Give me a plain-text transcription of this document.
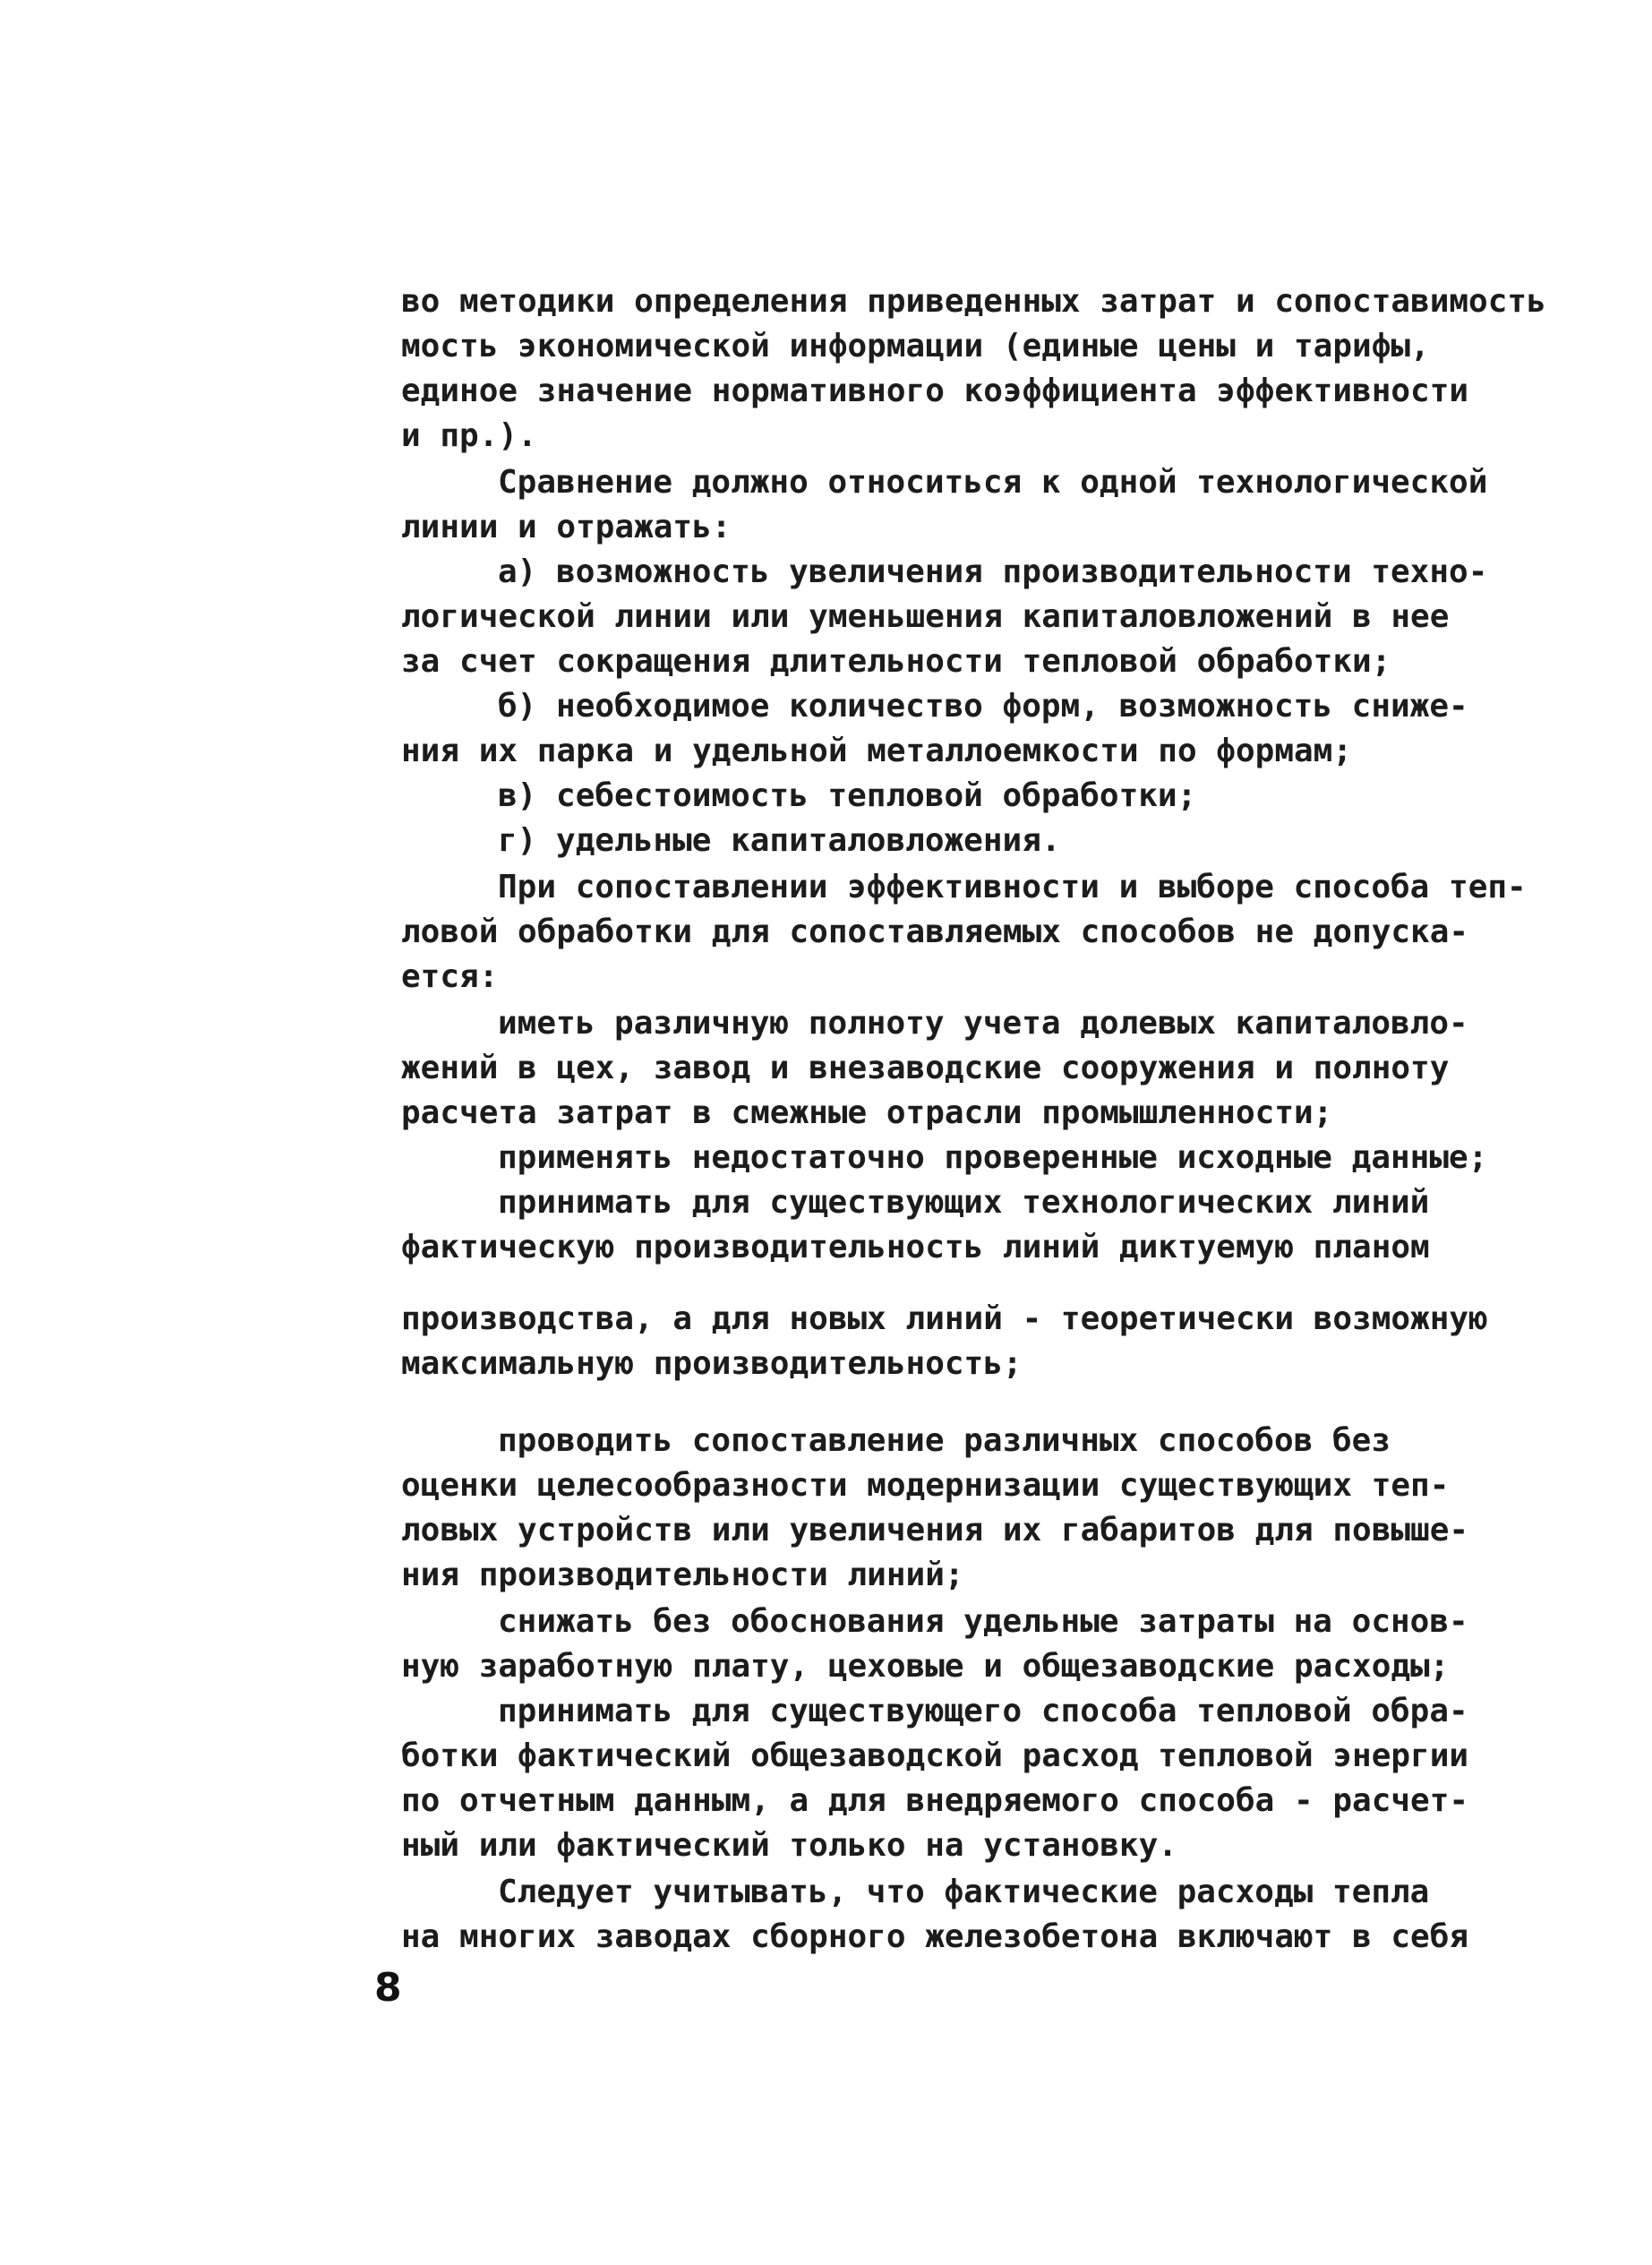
во методики определения приведенных затрат и сопоставимость
мость экономической информации (единые цены и тарифы,
единое значение нормативного коэффициента эффективности
и пр.).
Сравнение должно относиться к одной технологической
линии и отражать:
а) возможность увеличения производительности техно-
логической линии или уменьшения капиталовложений в нее
за счет сокращения длительности тепловой обработки;
б) необходимое количество форм, возможность сниже-
ния их парка и удельной металлоемкости по формам;
в) себестоимость тепловой обработки;
г) удельные капиталовложения.
При сопоставлении эффективности и выборе способа теп-
ловой обработки для сопоставляемых способов не допуска-
ется:
иметь различную полноту учета долевых капиталовло-
жений в цех, завод и внезаводские сооружения и полноту
расчета затрат в смежные отрасли промышленности;
применять недостаточно проверенные исходные данные;
принимать для существующих технологических линий
фактическую производительность линий диктуемую планом
производства, а для новых линий - теоретически возможную
максимальную производительность;
проводить сопоставление различных способов без
оценки целесообразности модернизации существующих теп-
ловых устройств или увеличения их габаритов для повыше-
ния производительности линий;
снижать без обоснования удельные затраты на основ-
ную заработную плату, цеховые и общезаводские расходы;
принимать для существующего способа тепловой обра-
ботки фактический общезаводской расход тепловой энергии
по отчетным данным, а для внедряемого способа - расчет-
ный или фактический только на установку.
Следует учитывать, что фактические расходы тепла
на многих заводах сборного железобетона включают в себя
8
